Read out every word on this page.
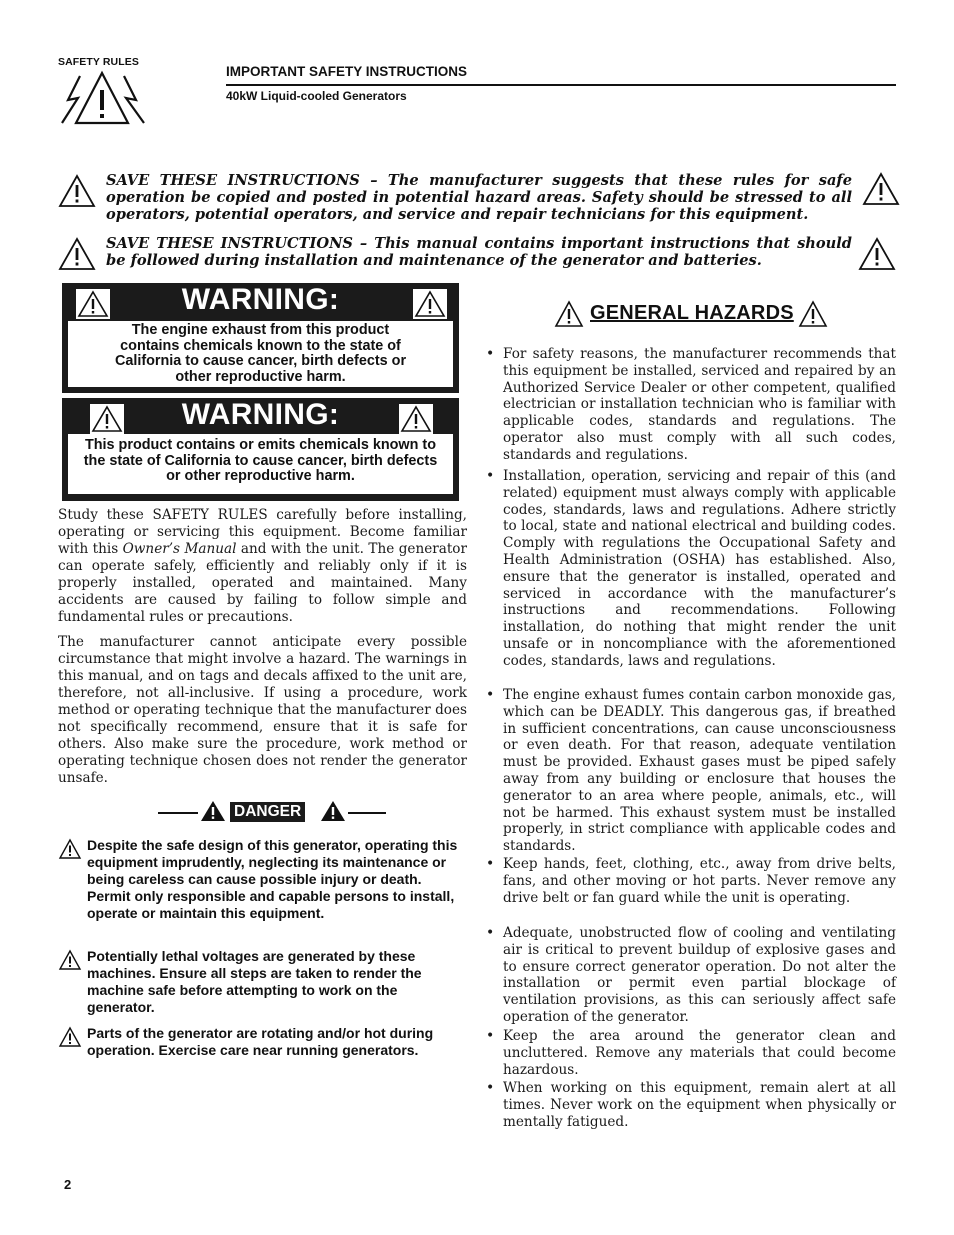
SAFETY RULES
IMPORTANT SAFETY INSTRUCTIONS
40kW Liquid-cooled Generators
SAVE THESE INSTRUCTIONS – The manufacturer suggests that these rules for safe operation be copied and posted in potential hazard areas. Safety should be stressed to all operators, potential operators, and service and repair technicians for this equipment.
SAVE THESE INSTRUCTIONS – This manual contains important instructions that should be followed during installation and maintenance of the generator and batteries.
WARNING:
The engine exhaust from this product contains chemicals known to the state of California to cause cancer, birth defects or other reproductive harm.
WARNING:
This product contains or emits chemicals known to the state of California to cause cancer, birth defects or other reproductive harm.
Study these SAFETY RULES carefully before installing, operating or servicing this equipment. Become familiar with this Owner’s Manual and with the unit. The generator can operate safely, efficiently and reliably only if it is properly installed, operated and maintained. Many accidents are caused by failing to follow simple and fundamental rules or precautions.
The manufacturer cannot anticipate every possible circumstance that might involve a hazard. The warnings in this manual, and on tags and decals affixed to the unit are, therefore, not all-inclusive. If using a procedure, work method or operating technique that the manufacturer does not specifically recommend, ensure that it is safe for others. Also make sure the procedure, work method or operating technique chosen does not render the generator unsafe.
DANGER
Despite the safe design of this generator, operating this equipment imprudently, neglecting its maintenance or being careless can cause possible injury or death. Permit only responsible and capable persons to install, operate or maintain this equipment.
Potentially lethal voltages are generated by these machines. Ensure all steps are taken to render the machine safe before attempting to work on the generator.
Parts of the generator are rotating and/or hot during operation. Exercise care near running generators.
GENERAL HAZARDS
• For safety reasons, the manufacturer recommends that this equipment be installed, serviced and repaired by an Authorized Service Dealer or other competent, qualified electrician or installation technician who is familiar with applicable codes, standards and regulations. The operator also must comply with all such codes, standards and regulations.
• Installation, operation, servicing and repair of this (and related) equipment must always comply with applicable codes, standards, laws and regulations. Adhere strictly to local, state and national electrical and building codes. Comply with regulations the Occupational Safety and Health Administration (OSHA) has established. Also, ensure that the generator is installed, operated and serviced in accordance with the manufacturer’s instructions and recommendations. Following installation, do nothing that might render the unit unsafe or in noncompliance with the aforementioned codes, standards, laws and regulations.
• The engine exhaust fumes contain carbon monoxide gas, which can be DEADLY. This dangerous gas, if breathed in sufficient concentrations, can cause unconsciousness or even death. For that reason, adequate ventilation must be provided. Exhaust gases must be piped safely away from any building or enclosure that houses the generator to an area where people, animals, etc., will not be harmed. This exhaust system must be installed properly, in strict compliance with applicable codes and standards.
• Keep hands, feet, clothing, etc., away from drive belts, fans, and other moving or hot parts. Never remove any drive belt or fan guard while the unit is operating.
• Adequate, unobstructed flow of cooling and ventilating air is critical to prevent buildup of explosive gases and to ensure correct generator operation. Do not alter the installation or permit even partial blockage of ventilation provisions, as this can seriously affect safe operation of the generator.
• Keep the area around the generator clean and uncluttered. Remove any materials that could become hazardous.
• When working on this equipment, remain alert at all times. Never work on the equipment when physically or mentally fatigued.
2
